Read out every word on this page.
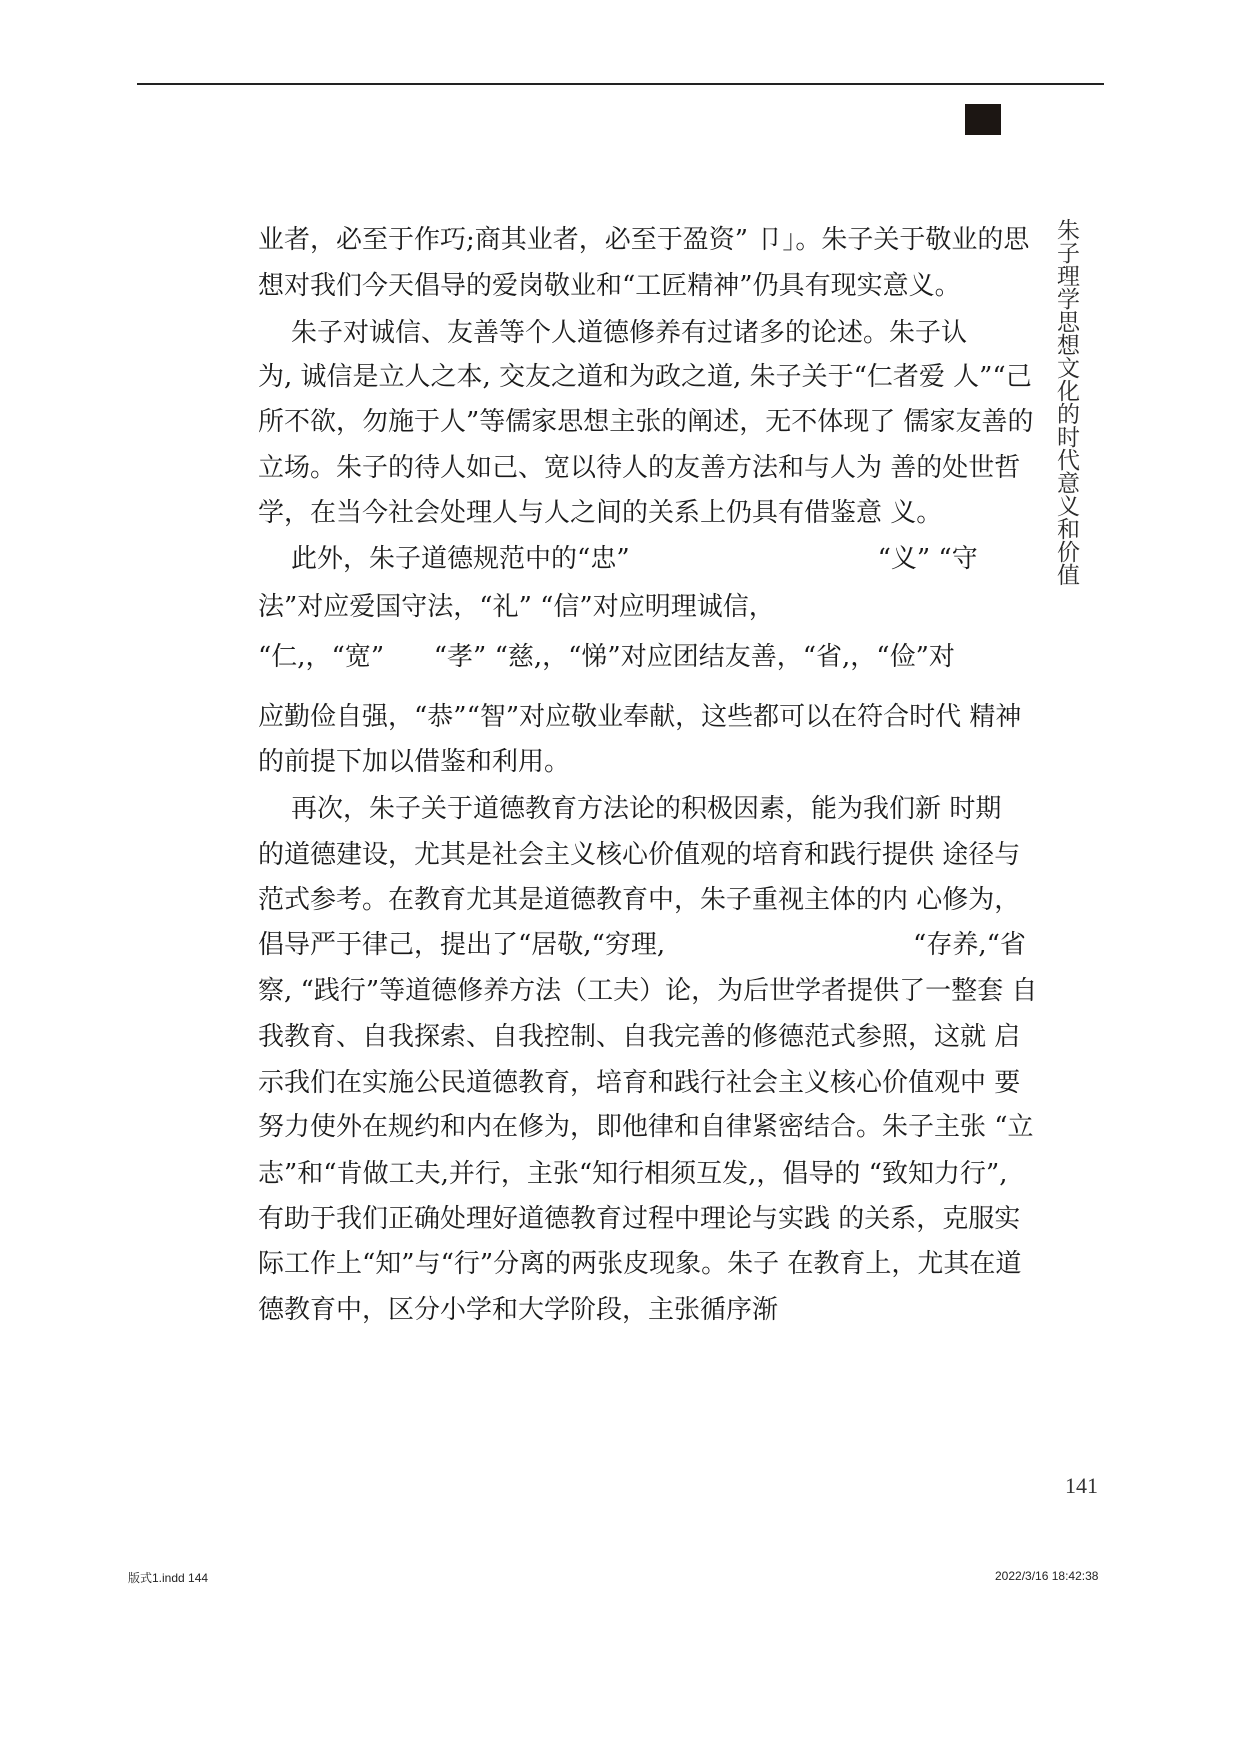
朱子理学思想文化的时代意义和价值
业者，必至于作巧;商其业者，必至于盈资” 卩」。朱子关于敬业的思
想对我们今天倡导的爱岗敬业和“工匠精神”仍具有现实意义。
朱子对诚信、友善等个人道德修养有过诸多的论述。朱子认
为, 诚信是立人之本, 交友之道和为政之道, 朱子关于“仁者爱 人”“己
所不欲，勿施于人”等儒家思想主张的阐述，无不体现了 儒家友善的
立场。朱子的待人如己、宽以待人的友善方法和与人为 善的处世哲
学，在当今社会处理人与人之间的关系上仍具有借鉴意 义。
此外，朱子道德规范中的“忠”                              “义” “守
法”对应爱国守法，“礼” “信”对应明理诚信，
“仁,，“宽”      “孝” “慈,，“悌”对应团结友善，“省,，“俭”对
应勤俭自强，“恭”“智”对应敬业奉献，这些都可以在符合时代 精神
的前提下加以借鉴和利用。
再次，朱子关于道德教育方法论的积极因素，能为我们新 时期
的道德建设，尤其是社会主义核心价值观的培育和践行提供 途径与
范式参考。在教育尤其是道德教育中，朱子重视主体的内 心修为，
倡导严于律己，提出了“居敬,“穷理,                              “存养,“省
察, “践行”等道德修养方法（工夫）论，为后世学者提供了一整套 自
我教育、自我探索、自我控制、自我完善的修德范式参照，这就 启
示我们在实施公民道德教育，培育和践行社会主义核心价值观中 要
努力使外在规约和内在修为，即他律和自律紧密结合。朱子主张 “立
志”和“肯做工夫,并行，主张“知行相须互发,，倡导的 “致知力行”,
有助于我们正确处理好道德教育过程中理论与实践 的关系，克服实
际工作上“知”与“行”分离的两张皮现象。朱子 在教育上，尤其在道
德教育中，区分小学和大学阶段，主张循序渐
141
版式1.indd 144	2022/3/16 18:42:38
